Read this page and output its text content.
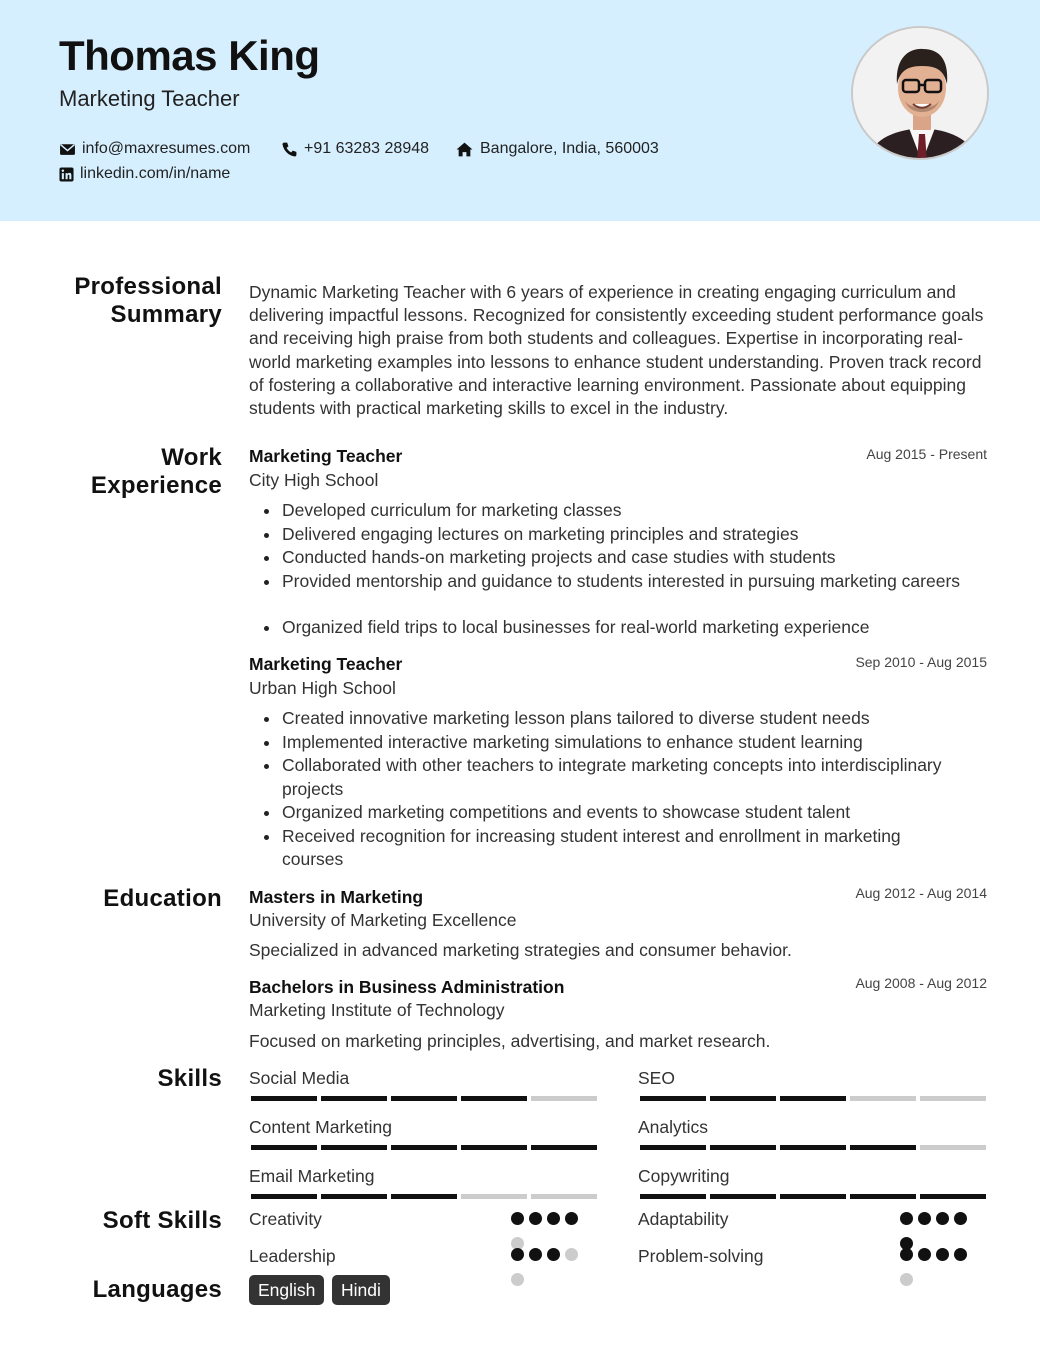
Thomas King
Marketing Teacher
info@maxresumes.com	+91 63283 28948	Bangalore, India, 560003
linkedin.com/in/name
Professional Summary
Dynamic Marketing Teacher with 6 years of experience in creating engaging curriculum and delivering impactful lessons. Recognized for consistently exceeding student performance goals and receiving high praise from both students and colleagues. Expertise in incorporating real-world marketing examples into lessons to enhance student understanding. Proven track record of fostering a collaborative and interactive learning environment. Passionate about equipping students with practical marketing skills to excel in the industry.
Work Experience
Marketing Teacher	Aug 2015 - Present
City High School
Developed curriculum for marketing classes
Delivered engaging lectures on marketing principles and strategies
Conducted hands-on marketing projects and case studies with students
Provided mentorship and guidance to students interested in pursuing marketing careers
Organized field trips to local businesses for real-world marketing experience
Marketing Teacher	Sep 2010 - Aug 2015
Urban High School
Created innovative marketing lesson plans tailored to diverse student needs
Implemented interactive marketing simulations to enhance student learning
Collaborated with other teachers to integrate marketing concepts into interdisciplinary projects
Organized marketing competitions and events to showcase student talent
Received recognition for increasing student interest and enrollment in marketing courses
Education Masters in Marketing	Aug 2012 - Aug 2014
University of Marketing Excellence
Specialized in advanced marketing strategies and consumer behavior.
Bachelors in Business Administration	Aug 2008 - Aug 2012
Marketing Institute of Technology
Focused on marketing principles, advertising, and market research.
Skills Social Media	SEO
Content Marketing	Analytics
Email Marketing	Copywriting
Soft Skills Creativity	Adaptability
Leadership	Problem-solving
Languages	English	Hindi
